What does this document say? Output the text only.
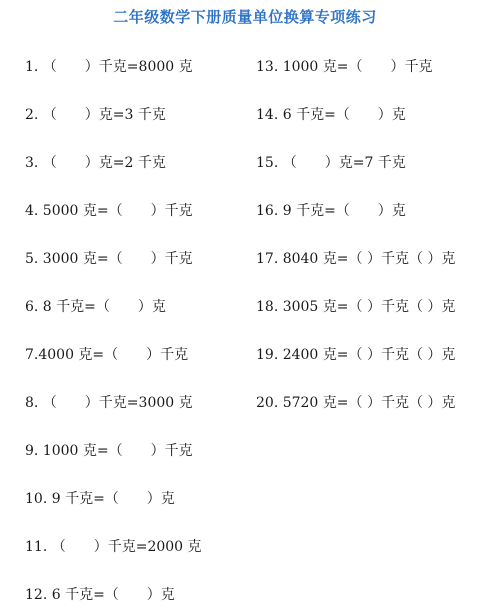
二年级数学下册质量单位换算专项练习
1. （　　）千克=8000 克
2. （　　）克=3 千克
3. （　　）克=2 千克
4. 5000 克=（　　）千克
5. 3000 克=（　　）千克
6. 8 千克=（　　）克
7.4000 克=（　　）千克
8. （　　）千克=3000 克
9. 1000 克=（　　）千克
10. 9 千克=（　　）克
11. （　　）千克=2000 克
12. 6 千克=（　　）克
13. 1000 克=（　　）千克
14. 6 千克=（　　）克
15. （　　）克=7 千克
16. 9 千克=（　　）克
17. 8040 克=（ ）千克（ ）克
18. 3005 克=（ ）千克（ ）克
19. 2400 克=（ ）千克（ ）克
20. 5720 克=（ ）千克（ ）克
